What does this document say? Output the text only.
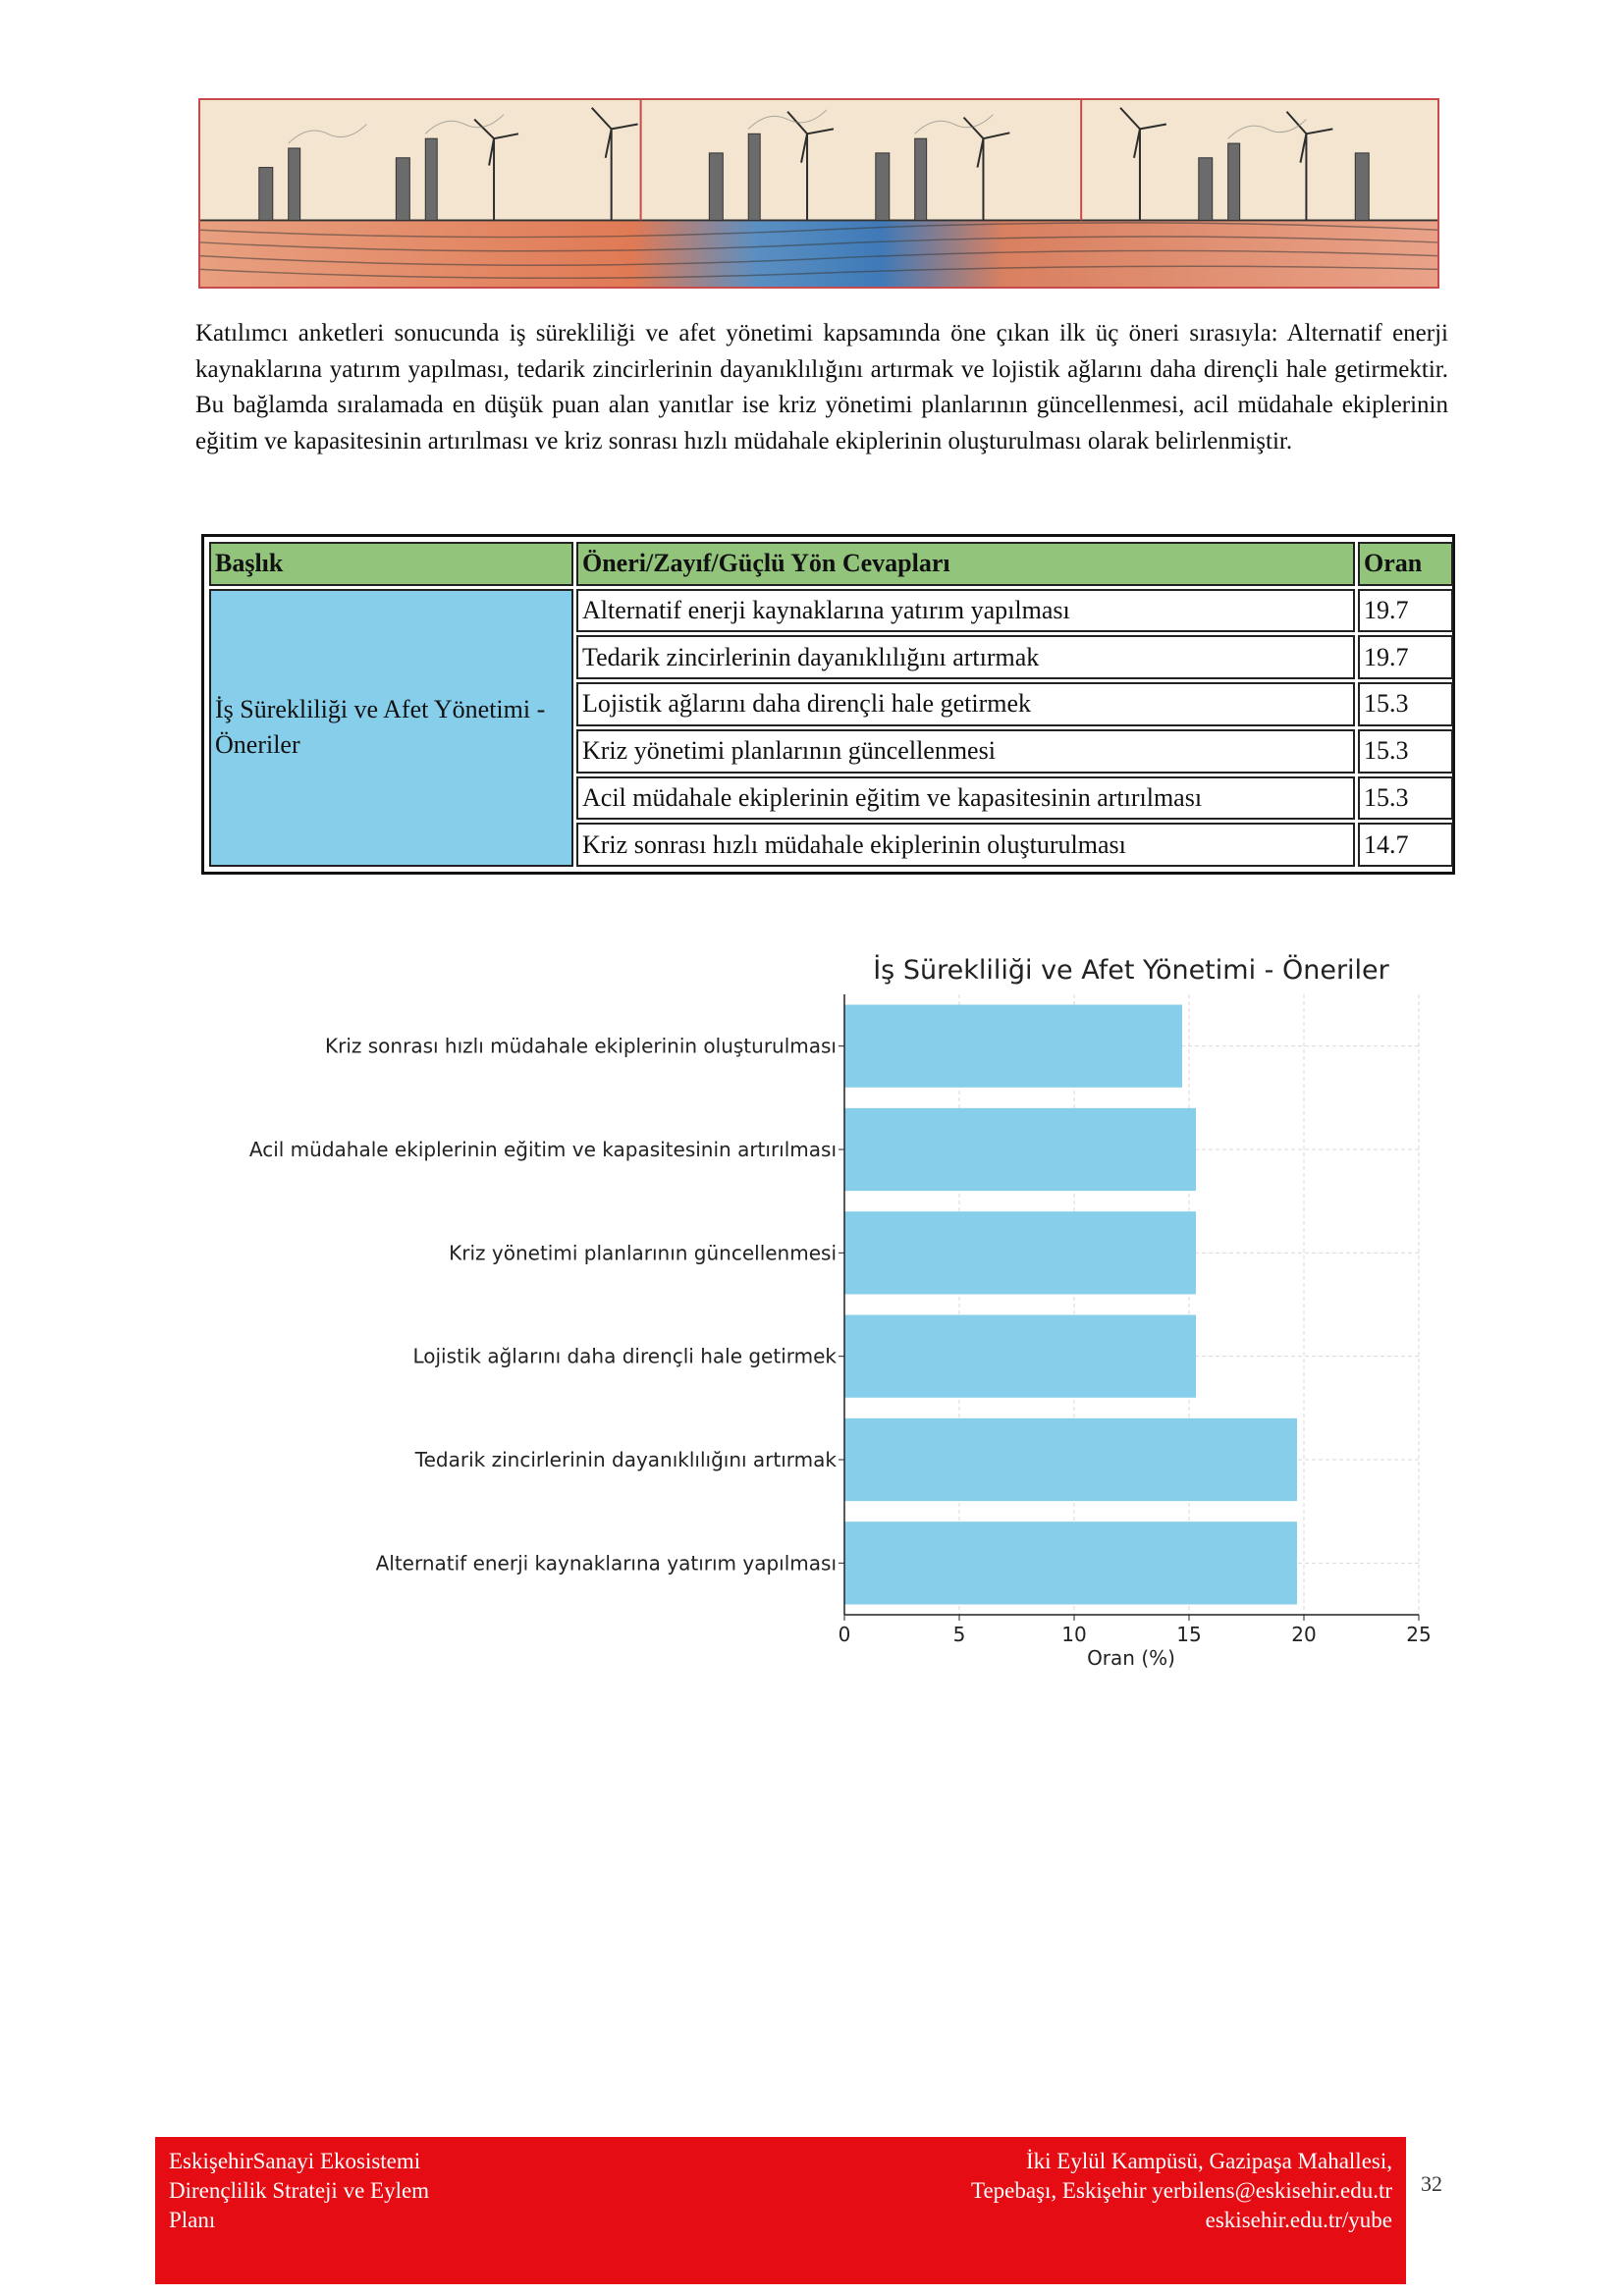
Katılımcı anketleri sonucunda iş sürekliliği ve afet yönetimi kapsamında öne çıkan ilk üç öneri sırasıyla: Alternatif enerji kaynaklarına yatırım yapılması, tedarik zincirlerinin dayanıklılığını artırmak ve lojistik ağlarını daha dirençli hale getirmektir. Bu bağlamda sıralamada en düşük puan alan yanıtlar ise kriz yönetimi planlarının güncellenmesi, acil müdahale ekiplerinin eğitim ve kapasitesinin artırılması ve kriz sonrası hızlı müdahale ekiplerinin oluşturulması olarak belirlenmiştir.

Başlık	Öneri/Zayıf/Güçlü Yön Cevapları	Oran
İş Sürekliliği ve Afet Yönetimi - Öneriler	Alternatif enerji kaynaklarına yatırım yapılması	19.7
	Tedarik zincirlerinin dayanıklılığını artırmak	19.7
	Lojistik ağlarını daha dirençli hale getirmek	15.3
	Kriz yönetimi planlarının güncellenmesi	15.3
	Acil müdahale ekiplerinin eğitim ve kapasitesinin artırılması	15.3
	Kriz sonrası hızlı müdahale ekiplerinin oluşturulması	14.7
İş Sürekliliği ve Afet Yönetimi - Öneriler
Alternatif enerji kaynaklarına yatırım yapılması
Tedarik zincirlerinin dayanıklılığını artırmak
Lojistik ağlarını daha dirençli hale getirmek
Kriz yönetimi planlarının güncellenmesi
Acil müdahale ekiplerinin eğitim ve kapasitesinin artırılması
Kriz sonrası hızlı müdahale ekiplerinin oluşturulması
0	5	10	15	20	25
Oran (%)
EskişehirSanayi Ekosistemi
Dirençlilik Strateji ve Eylem
Planı
İki Eylül Kampüsü, Gazipaşa Mahallesi,
Tepebaşı, Eskişehir yerbilens@eskisehir.edu.tr
eskisehir.edu.tr/yube
32
